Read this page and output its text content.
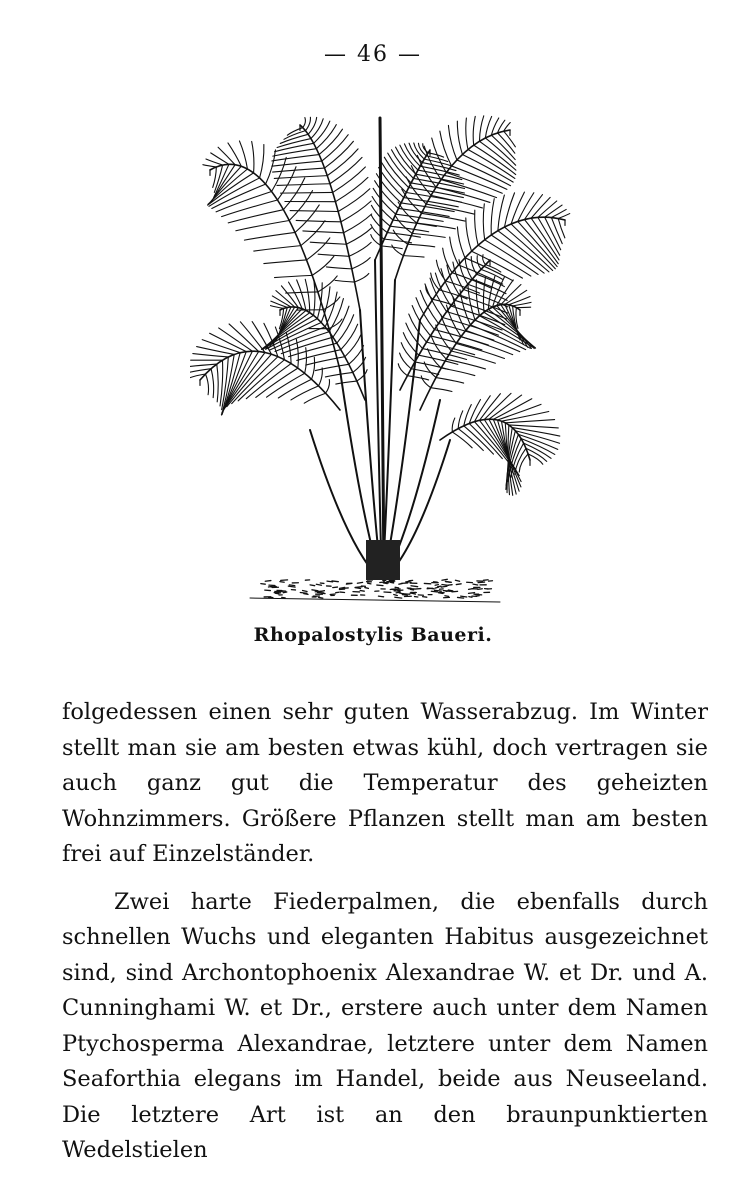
— 46 —
Rhopalostylis Baueri.

folgedessen einen sehr guten Wasserabzug. Im Winter stellt man sie am besten etwas kühl, doch vertragen sie auch ganz gut die Temperatur des geheizten Wohnzimmers. Größere Pflanzen stellt man am besten frei auf Einzelständer.

Zwei harte Fiederpalmen, die ebenfalls durch schnellen Wuchs und eleganten Habitus ausgezeichnet sind, sind Archontophoenix Alexandrae W. et Dr. und A. Cunninghami W. et Dr., erstere auch unter dem Namen Ptychosperma Alexandrae, letztere unter dem Namen Seaforthia elegans im Handel, beide aus Neuseeland. Die letztere Art ist an den braunpunktierten Wedelstielen
